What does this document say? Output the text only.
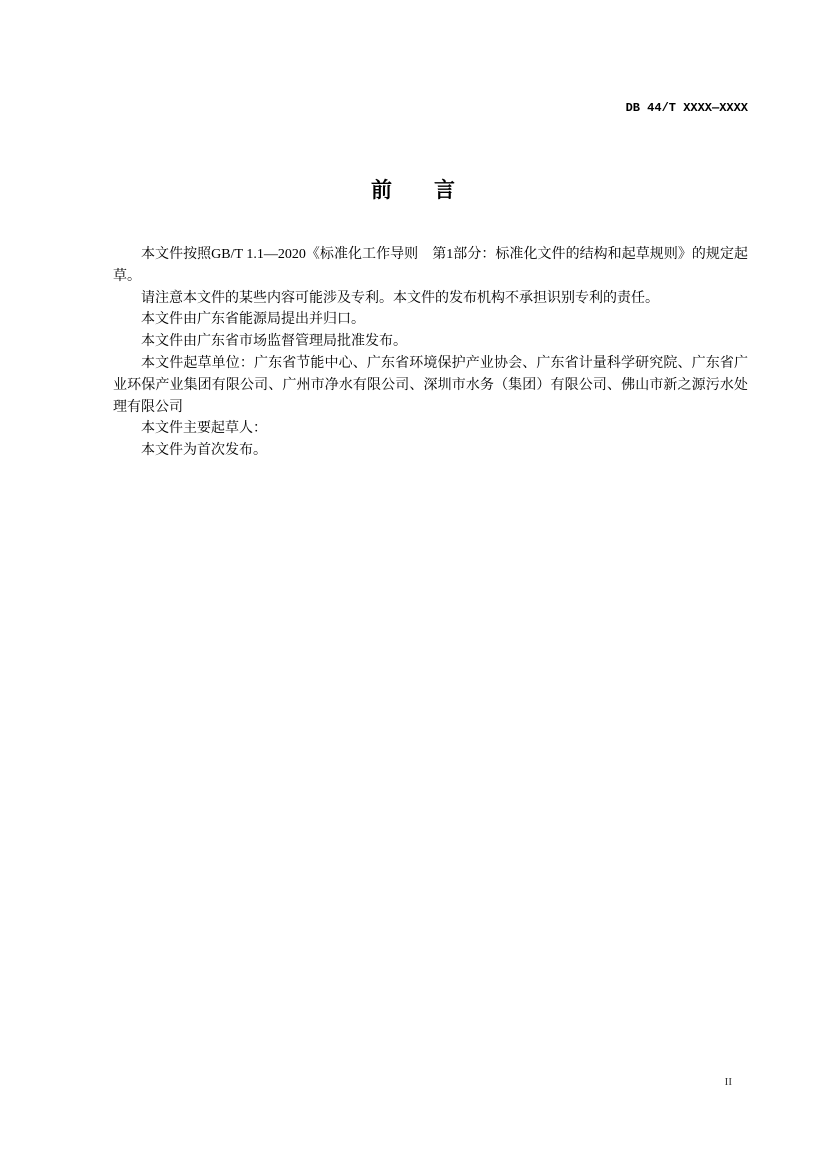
DB 44/T XXXX—XXXX
前　　言

本文件按照GB/T 1.1—2020《标准化工作导则　第1部分：标准化文件的结构和起草规则》的规定起草。

请注意本文件的某些内容可能涉及专利。本文件的发布机构不承担识别专利的责任。

本文件由广东省能源局提出并归口。

本文件由广东省市场监督管理局批准发布。

本文件起草单位：广东省节能中心、广东省环境保护产业协会、广东省计量科学研究院、广东省广业环保产业集团有限公司、广州市净水有限公司、深圳市水务（集团）有限公司、佛山市新之源污水处理有限公司

本文件主要起草人：

本文件为首次发布。

II
